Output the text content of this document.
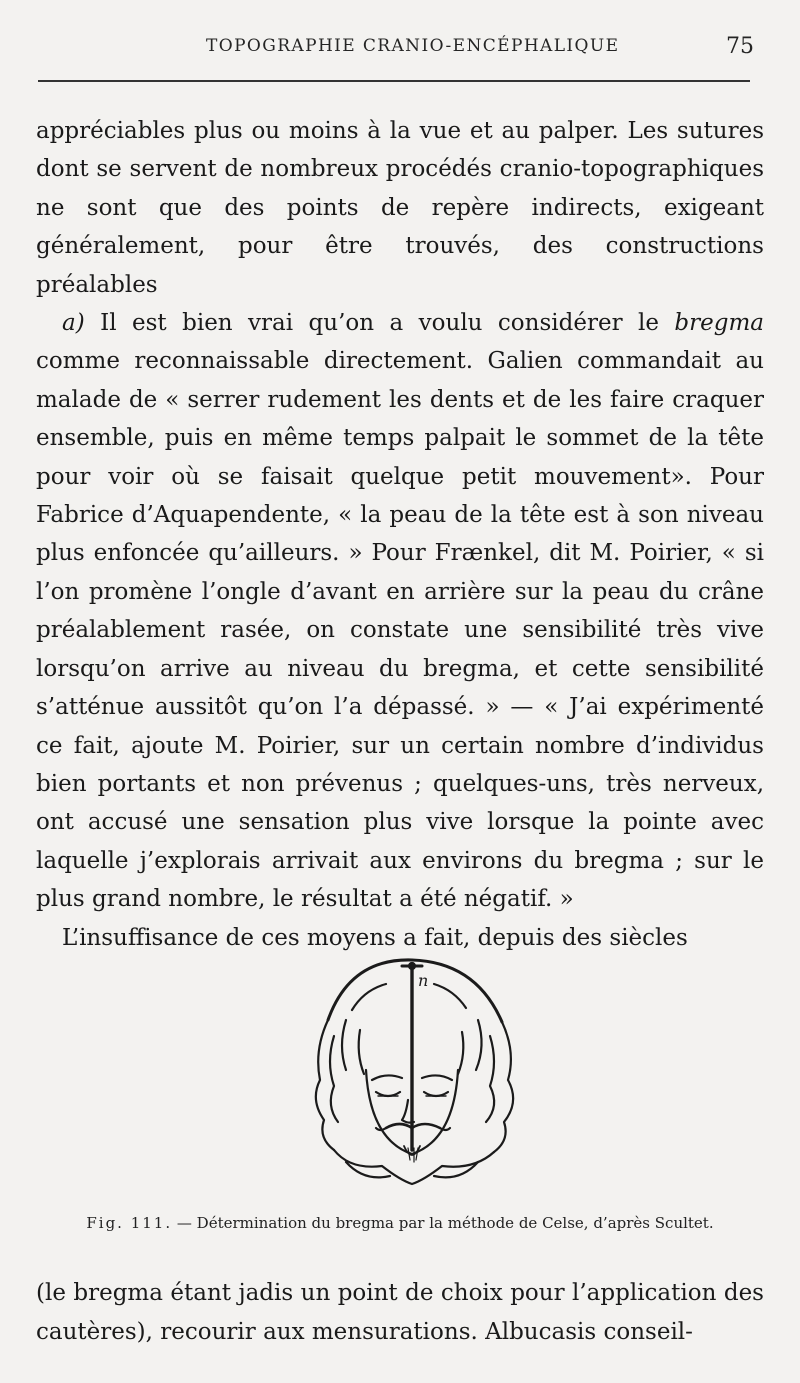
TOPOGRAPHIE CRANIO-ENCÉPHALIQUE	75

appréciables plus ou moins à la vue et au palper. Les sutures dont se servent de nombreux procédés cranio-topographiques ne sont que des points de repère indirects, exigeant généralement, pour être trouvés, des constructions préalables

a) Il est bien vrai qu’on a voulu considérer le bregma comme reconnaissable directement. Galien commandait au malade de « serrer rudement les dents et de les faire craquer ensemble, puis en même temps palpait le sommet de la tête pour voir où se faisait quelque petit mouvement». Pour Fabrice d’Aquapendente, « la peau de la tête est à son niveau plus enfoncée qu’ailleurs. » Pour Frænkel, dit M. Poirier, « si l’on promène l’ongle d’avant en arrière sur la peau du crâne préalablement rasée, on constate une sensibilité très vive lorsqu’on arrive au niveau du bregma, et cette sensibilité s’atténue aussitôt qu’on l’a dépassé. » — « J’ai expérimenté ce fait, ajoute M. Poirier, sur un certain nombre d’individus bien portants et non prévenus ; quelques-uns, très nerveux, ont accusé une sensation plus vive lorsque la pointe avec laquelle j’explorais arrivait aux environs du bregma ; sur le plus grand nombre, le résultat a été négatif. »

L’insuffisance de ces moyens a fait, depuis des siècles

n
Fig. 111. — Détermination du bregma par la méthode de Celse, d’après Scultet.

(le bregma étant jadis un point de choix pour l’application des cautères), recourir aux mensurations. Albucasis conseil-
